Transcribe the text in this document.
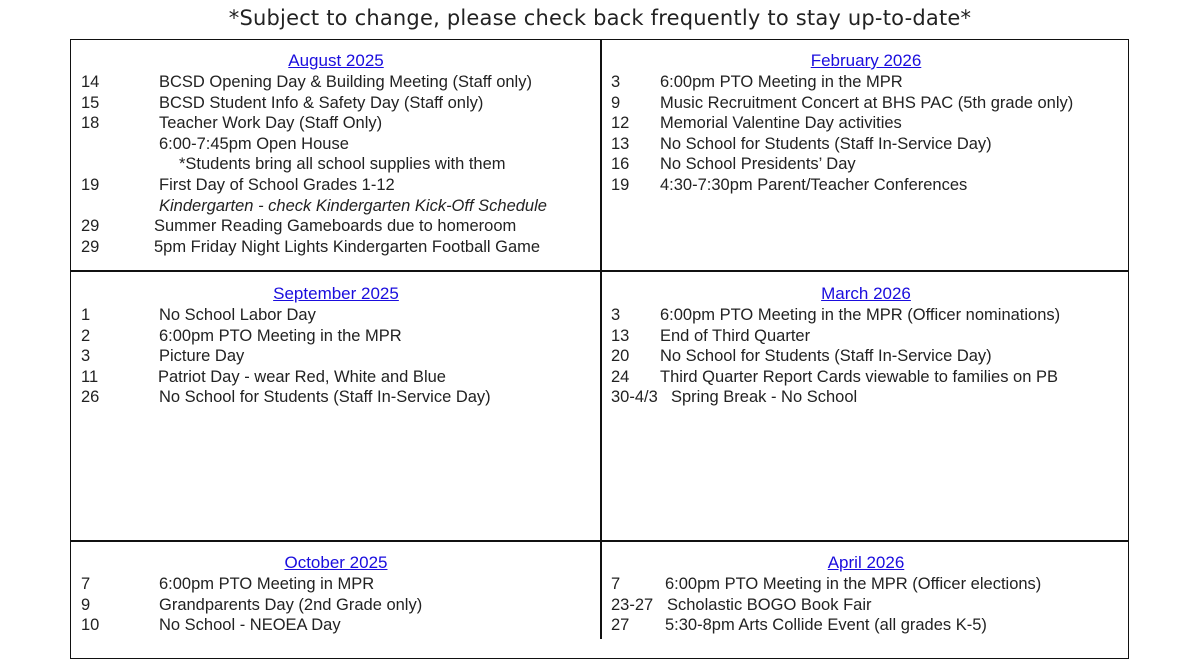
*Subject to change, please check back frequently to stay up-to-date*
August 2025
14	BCSD Opening Day & Building Meeting (Staff only)
15	BCSD Student Info & Safety Day (Staff only)
18	Teacher Work Day (Staff Only)
6:00-7:45pm Open House
*Students bring all school supplies with them
19	First Day of School Grades 1-12
Kindergarten - check Kindergarten Kick-Off Schedule
29	Summer Reading Gameboards due to homeroom
29	5pm Friday Night Lights Kindergarten Football Game
September 2025
1	No School Labor Day
2	6:00pm PTO Meeting in the MPR
3	Picture Day
11	Patriot Day - wear Red, White and Blue
26	No School for Students (Staff In-Service Day)
October 2025
7	6:00pm PTO Meeting in MPR
9	Grandparents Day (2nd Grade only)
10	No School - NEOEA Day
February 2026
3 6:00pm PTO Meeting in the MPR
9 Music Recruitment Concert at BHS PAC (5th grade only)
12 Memorial Valentine Day activities
13 No School for Students (Staff In-Service Day)
16 No School Presidents’ Day
19 4:30-7:30pm Parent/Teacher Conferences
March 2026
3 6:00pm PTO Meeting in the MPR (Officer nominations)
13 End of Third Quarter
20 No School for Students (Staff In-Service Day)
24 Third Quarter Report Cards viewable to families on PB
30-4/3 Spring Break - No School
April 2026
7	6:00pm PTO Meeting in the MPR (Officer elections)
23-27 Scholastic BOGO Book Fair
27 5:30-8pm Arts Collide Event (all grades K-5)
